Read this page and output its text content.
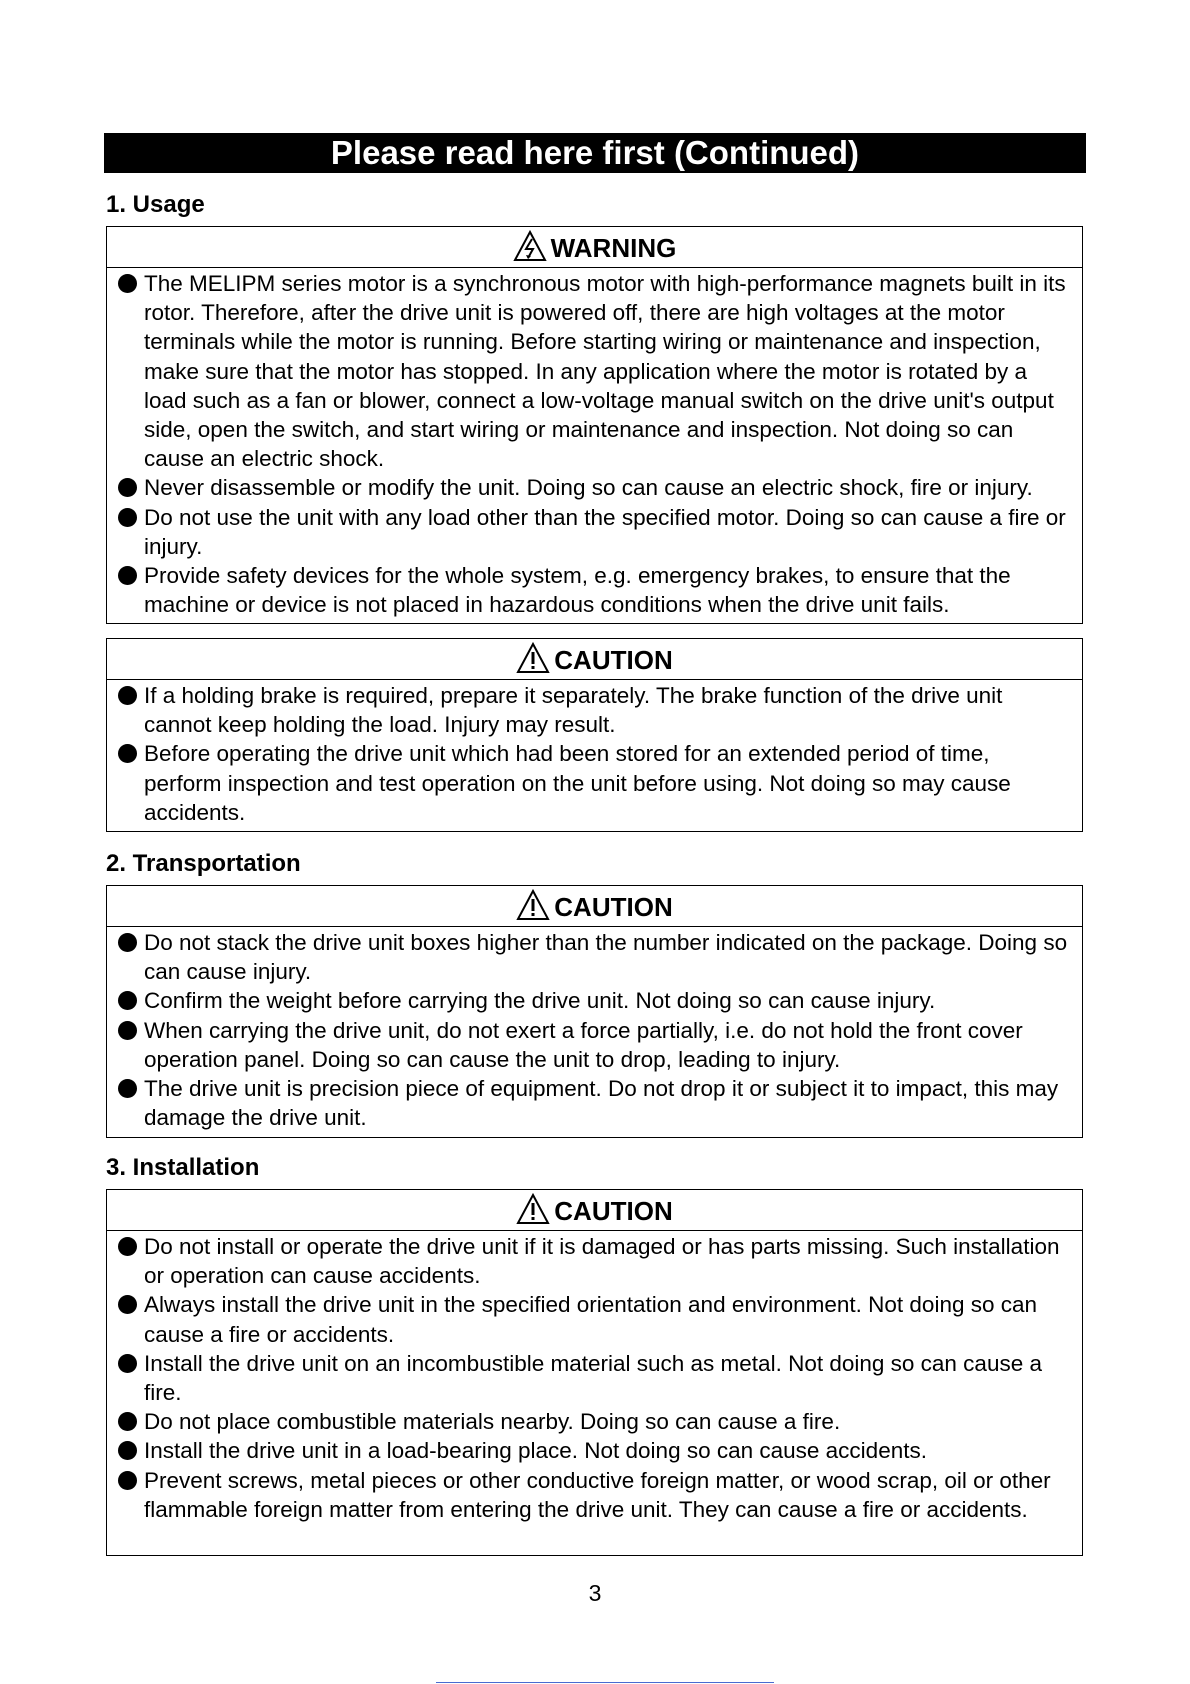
Please read here first (Continued)
1. Usage
WARNING
The MELIPM series motor is a synchronous motor with high-performance magnets built in its rotor. Therefore, after the drive unit is powered off, there are high voltages at the motor terminals while the motor is running. Before starting wiring or maintenance and inspection, make sure that the motor has stopped. In any application where the motor is rotated by a load such as a fan or blower, connect a low-voltage manual switch on the drive unit's output side, open the switch, and start wiring or maintenance and inspection. Not doing so can cause an electric shock.
Never disassemble or modify the unit. Doing so can cause an electric shock, fire or injury.
Do not use the unit with any load other than the specified motor. Doing so can cause a fire or injury.
Provide safety devices for the whole system, e.g. emergency brakes, to ensure that the machine or device is not placed in hazardous conditions when the drive unit fails.
CAUTION
If a holding brake is required, prepare it separately. The brake function of the drive unit cannot keep holding the load. Injury may result.
Before operating the drive unit which had been stored for an extended period of time, perform inspection and test operation on the unit before using. Not doing so may cause accidents.
2. Transportation
CAUTION
Do not stack the drive unit boxes higher than the number indicated on the package. Doing so can cause injury.
Confirm the weight before carrying the drive unit. Not doing so can cause injury.
When carrying the drive unit, do not exert a force partially, i.e. do not hold the front cover operation panel. Doing so can cause the unit to drop, leading to injury.
The drive unit is precision piece of equipment. Do not drop it or subject it to impact, this may damage the drive unit.
3. Installation
CAUTION
Do not install or operate the drive unit if it is damaged or has parts missing. Such installation or operation can cause accidents.
Always install the drive unit in the specified orientation and environment. Not doing so can cause a fire or accidents.
Install the drive unit on an incombustible material such as metal. Not doing so can cause a fire.
Do not place combustible materials nearby. Doing so can cause a fire.
Install the drive unit in a load-bearing place. Not doing so can cause accidents.
Prevent screws, metal pieces or other conductive foreign matter, or wood scrap, oil or other flammable foreign matter from entering the drive unit. They can cause a fire or accidents.
3
